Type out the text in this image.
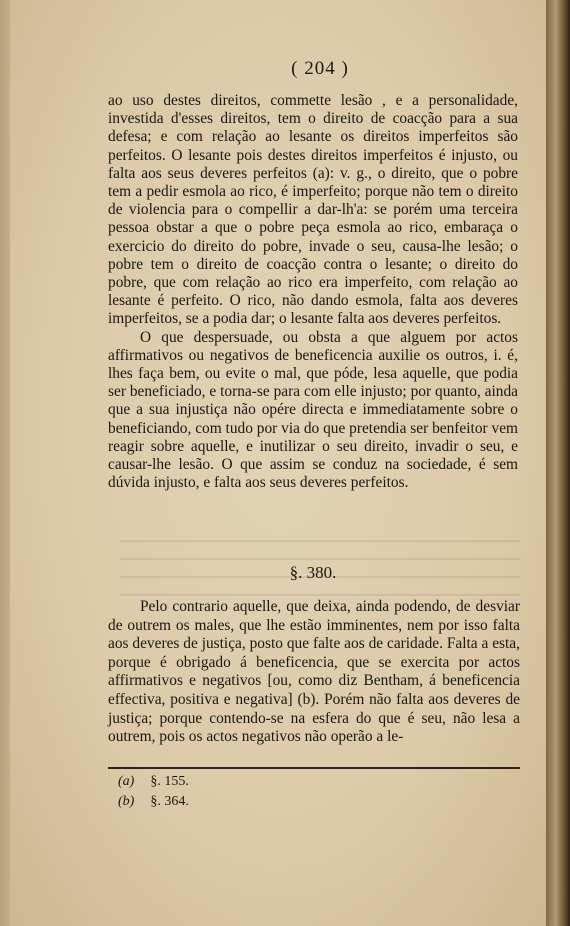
( 204 )

ao uso destes direitos, commette lesão , e a personalidade, investida d'esses direitos, tem o direito de coacção para a sua defesa; e com relação ao lesante os direitos imperfeitos são perfeitos. O lesante pois destes direitos imperfeitos é injusto, ou falta aos seus deveres perfeitos (a): v. g., o direito, que o pobre tem a pedir esmola ao rico, é imperfeito; porque não tem o direito de violencia para o compellir a dar-lh'a: se porém uma terceira pessoa obstar a que o pobre peça esmola ao rico, embaraça o exercicio do direito do pobre, invade o seu, causa-lhe lesão; o pobre tem o direito de coacção contra o lesante; o direito do pobre, que com relação ao rico era imperfeito, com relação ao lesante é perfeito. O rico, não dando esmola, falta aos deveres imperfeitos, se a podia dar; o lesante falta aos deveres perfeitos.

O que despersuade, ou obsta a que alguem por actos affirmativos ou negativos de beneficencia auxilie os outros, i. é, lhes faça bem, ou evite o mal, que póde, lesa aquelle, que podia ser beneficiado, e torna-se para com elle injusto; por quanto, ainda que a sua injustiça não opére directa e immediatamente sobre o beneficiando, com tudo por via do que pretendia ser benfeitor vem reagir sobre aquelle, e inutilizar o seu direito, invadir o seu, e causar-lhe lesão. O que assim se conduz na sociedade, é sem dúvida injusto, e falta aos seus deveres perfeitos.

§. 380.

Pelo contrario aquelle, que deixa, ainda podendo, de desviar de outrem os males, que lhe estão imminentes, nem por isso falta aos deveres de justiça, posto que falte aos de caridade. Falta a esta, porque é obrigado á beneficencia, que se exercita por actos affirmativos e negativos [ou, como diz Bentham, á beneficencia effectiva, positiva e negativa] (b). Porém não falta aos deveres de justiça; porque contendo-se na esfera do que é seu, não lesa a outrem, pois os actos negativos não operão a le-

(a) §. 155.
(b) §. 364.
